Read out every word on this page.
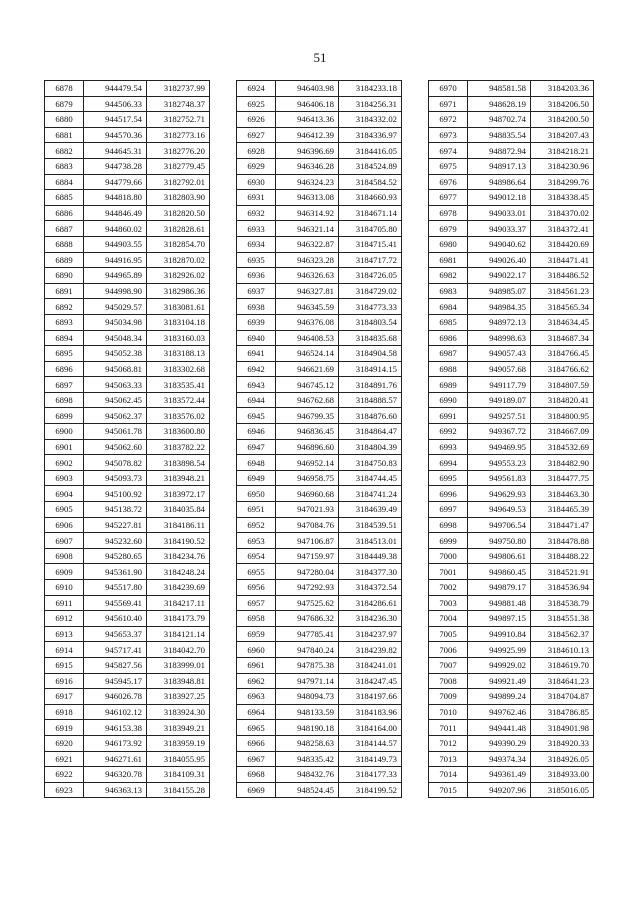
51
6878	944479.54	3182737.99
6879	944506.33	3182748.37
6880	944517.54	3182752.71
6881	944570.36	3182773.16
6882	944645.31	3182776.20
6883	944738.28	3182779.45
6884	944779.66	3182792.01
6885	944818.80	3182803.90
6886	944846.49	3182820.50
6887	944860.02	3182828.61
6888	944903.55	3182854.70
6889	944916.95	3182870.02
6890	944965.89	3182926.02
6891	944998.90	3182986.36
6892	945029.57	3183081.61
6893	945034.98	3183104.18
6894	945048.34	3183160.03
6895	945052.38	3183188.13
6896	945068.81	3183302.68
6897	945063.33	3183535.41
6898	945062.45	3183572.44
6899	945062.37	3183576.02
6900	945061.78	3183600.80
6901	945062.60	3183782.22
6902	945078.82	3183898.54
6903	945093.73	3183948.21
6904	945100.92	3183972.17
6905	945138.72	3184035.84
6906	945227.81	3184186.11
6907	945232.60	3184190.52
6908	945280.65	3184234.76
6909	945361.90	3184248.24
6910	945517.80	3184239.69
6911	945569.41	3184217.11
6912	945610.40	3184173.79
6913	945653.37	3184121.14
6914	945717.41	3184042.70
6915	945827.56	3183999.01
6916	945945.17	3183948.81
6917	946026.78	3183927.25
6918	946102.12	3183924.30
6919	946153.38	3183949.21
6920	946173.92	3183959.19
6921	946271.61	3184055.95
6922	946320.78	3184109.31
6923	946363.13	3184155.28
6924	946403.98	3184233.18
6925	946406.18	3184256.31
6926	946413.36	3184332.02
6927	946412.39	3184336.97
6928	946396.69	3184416.05
6929	946346.28	3184524.89
6930	946324.23	3184584.52
6931	946313.08	3184660.93
6932	946314.92	3184671.14
6933	946321.14	3184705.80
6934	946322.87	3184715.41
6935	946323.28	3184717.72
6936	946326.63	3184726.05
6937	946327.81	3184729.02
6938	946345.59	3184773.33
6939	946376.08	3184803.54
6940	946408.53	3184835.68
6941	946524.14	3184904.58
6942	946621.69	3184914.15
6943	946745.12	3184891.76
6944	946762.68	3184888.57
6945	946799.35	3184876.60
6946	946836.45	3184864.47
6947	946896.60	3184804.39
6948	946952.14	3184750.83
6949	946958.75	3184744.45
6950	946960.68	3184741.24
6951	947021.93	3184639.49
6952	947084.76	3184539.51
6953	947106.87	3184513.01
6954	947159.97	3184449.38
6955	947280.04	3184377.30
6956	947292.93	3184372.54
6957	947525.62	3184286.61
6958	947686.32	3184236.30
6959	947785.41	3184237.97
6960	947840.24	3184239.82
6961	947875.38	3184241.01
6962	947971.14	3184247.45
6963	948094.73	3184197.66
6964	948133.59	3184183.96
6965	948190.18	3184164.00
6966	948258.63	3184144.57
6967	948335.42	3184149.73
6968	948432.76	3184177.33
6969	948524.45	3184199.52
6970	948581.58	3184203.36
6971	948628.19	3184206.50
6972	948702.74	3184200.50
6973	948835.54	3184207.43
6974	948872.94	3184218.21
6975	948917.13	3184230.96
6976	948986.64	3184299.76
6977	949012.18	3184338.45
6978	949033.01	3184370.02
6979	949033.37	3184372.41
6980	949040.62	3184420.69
6981	949026.40	3184471.41
6982	949022.17	3184486.52
6983	948985.07	3184561.23
6984	948984.35	3184565.34
6985	948972.13	3184634.45
6986	948998.63	3184687.34
6987	949057.43	3184766.45
6988	949057.68	3184766.62
6989	949117.79	3184807.59
6990	949189.07	3184820.41
6991	949257.51	3184800.95
6992	949367.72	3184667.09
6993	949469.95	3184532.69
6994	949553.23	3184482.90
6995	949561.83	3184477.75
6996	949629.93	3184463.30
6997	949649.53	3184465.39
6998	949706.54	3184471.47
6999	949750.80	3184478.88
7000	949806.61	3184488.22
7001	949860.45	3184521.91
7002	949879.17	3184536.94
7003	949881.48	3184538.79
7004	949897.15	3184551.38
7005	949910.84	3184562.37
7006	949925.99	3184610.13
7007	949929.02	3184619.70
7008	949921.49	3184641.23
7009	949899.24	3184704.87
7010	949762.46	3184786.85
7011	949441.48	3184901.98
7012	949390.29	3184920.33
7013	949374.34	3184926.05
7014	949361.49	3184933.00
7015	949207.96	3185016.05
